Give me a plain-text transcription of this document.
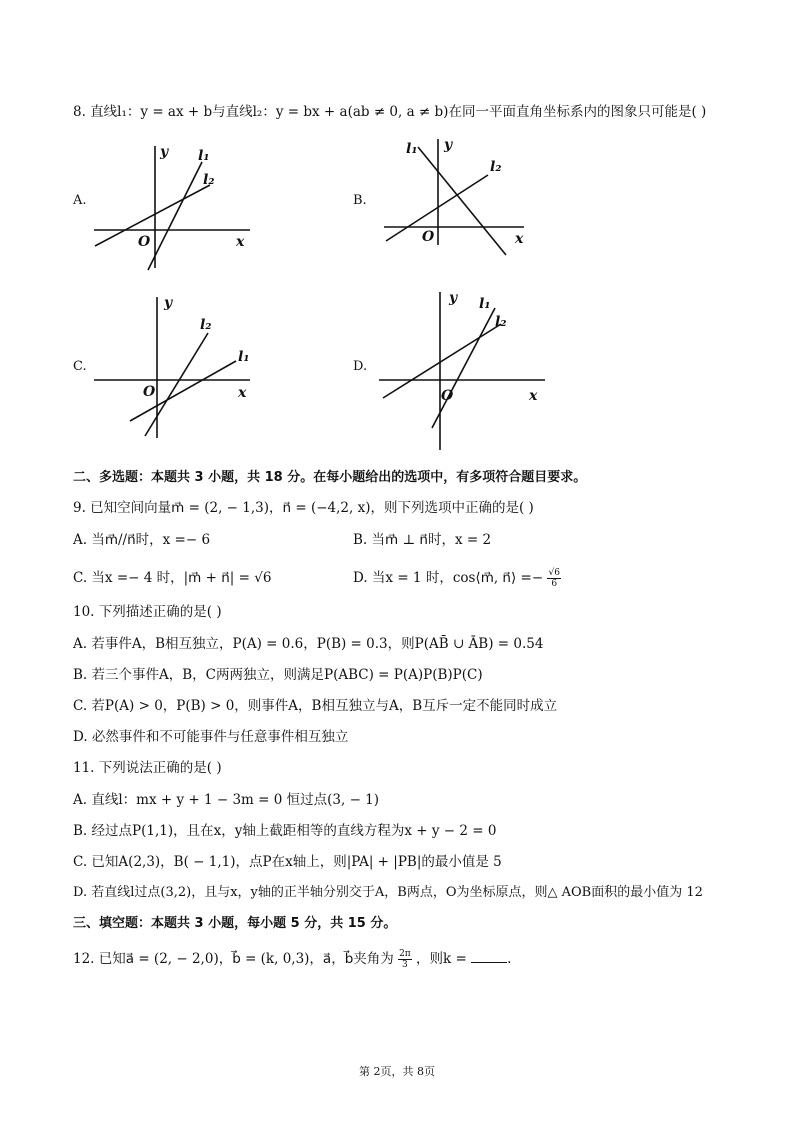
8. 直线l₁：y = ax + b与直线l₂：y = bx + a(ab ≠ 0, a ≠ b)在同一平面直角坐标系内的图象只可能是( )
A.
y
x
O
l₁
l₂
B.
y
x
O
l₁
l₂
C.
y
x
O
l₂
l₁
D.
y
x
O
l₁
l₂
二、多选题：本题共 3 小题，共 18 分。在每小题给出的选项中，有多项符合题目要求。
9. 已知空间向量m⃗ = (2, − 1,3)，n⃗ = (−4,2, x)，则下列选项中正确的是( )
A. 当m⃗//n⃗时，x =− 6	B. 当m⃗ ⊥ n⃗时，x = 2
C. 当x =− 4 时，|m⃗ + n⃗| = √6	D. 当x = 1 时，cos⟨m⃗, n⃗⟩ =− $\frac{√6}{6}$
10. 下列描述正确的是( )
A. 若事件A，B相互独立，P(A) = 0.6，P(B) = 0.3，则P(AB̄ ∪ ĀB) = 0.54
B. 若三个事件A，B，C两两独立，则满足P(ABC) = P(A)P(B)P(C)
C. 若P(A) > 0，P(B) > 0，则事件A，B相互独立与A，B互斥一定不能同时成立
D. 必然事件和不可能事件与任意事件相互独立
11. 下列说法正确的是( )
A. 直线l：mx + y + 1 − 3m = 0 恒过点(3, − 1)
B. 经过点P(1,1)，且在x，y轴上截距相等的直线方程为x + y − 2 = 0
C. 已知A(2,3)，B( − 1,1)，点P在x轴上，则|PA| + |PB|的最小值是 5
D. 若直线l过点(3,2)，且与x，y轴的正半轴分别交于A，B两点，O为坐标原点，则△ AOB面积的最小值为 12
三、填空题：本题共 3 小题，每小题 5 分，共 15 分。
12. 已知a⃗ = (2, − 2,0)，b⃗ = (k, 0,3)，a⃗，b⃗夹角为 $\frac{2\pi}{3}$ ，则k =	.
第 2页，共 8页
